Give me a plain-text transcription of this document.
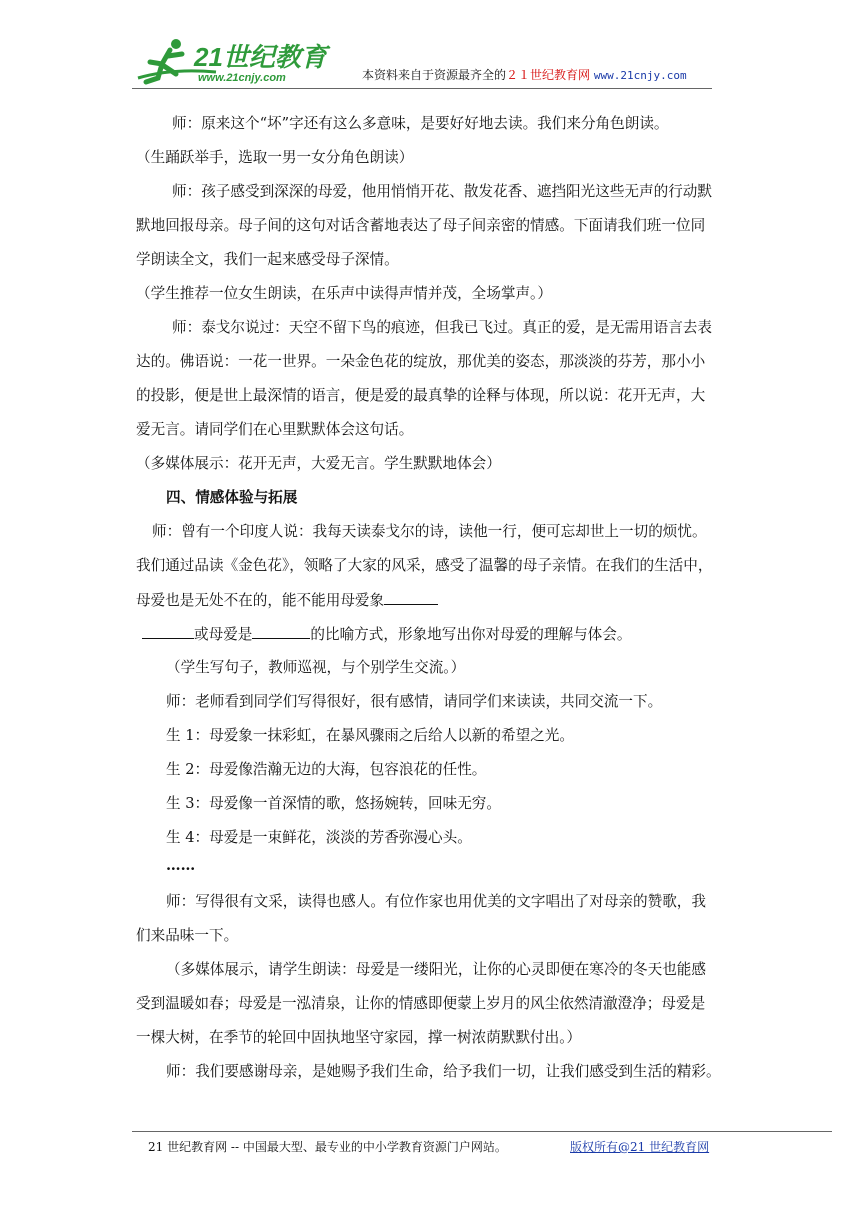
21世纪教育
www.21cnjy.com	本资料来自于资源最齐全的２１世纪教育网 www.21cnjy.com
师：原来这个“坏”字还有这么多意味，是要好好地去读。我们来分角色朗读。
（生踊跃举手，选取一男一女分角色朗读）
师：孩子感受到深深的母爱，他用悄悄开花、散发花香、遮挡阳光这些无声的行动默
默地回报母亲。母子间的这句对话含蓄地表达了母子间亲密的情感。下面请我们班一位同
学朗读全文，我们一起来感受母子深情。
（学生推荐一位女生朗读，在乐声中读得声情并茂，全场掌声。）
师：泰戈尔说过：天空不留下鸟的痕迹，但我已飞过。真正的爱，是无需用语言去表
达的。佛语说：一花一世界。一朵金色花的绽放，那优美的姿态，那淡淡的芬芳，那小小
的投影，便是世上最深情的语言，便是爱的最真挚的诠释与体现，所以说：花开无声，大
爱无言。请同学们在心里默默体会这句话。
（多媒体展示：花开无声，大爱无言。学生默默地体会）
四、情感体验与拓展
师：曾有一个印度人说：我每天读泰戈尔的诗，读他一行，便可忘却世上一切的烦忧。
我们通过品读《金色花》，领略了大家的风采，感受了温馨的母子亲情。在我们的生活中，
母爱也是无处不在的，能不能用母爱象
或母爱是	的比喻方式，形象地写出你对母爱的理解与体会。
（学生写句子，教师巡视，与个别学生交流。）
师：老师看到同学们写得很好，很有感情，请同学们来读读，共同交流一下。
生 1：母爱象一抹彩虹，在暴风骤雨之后给人以新的希望之光。
生 2：母爱像浩瀚无边的大海，包容浪花的任性。
生 3：母爱像一首深情的歌，悠扬婉转，回味无穷。
生 4：母爱是一束鲜花，淡淡的芳香弥漫心头。
……
师：写得很有文采，读得也感人。有位作家也用优美的文字唱出了对母亲的赞歌，我
们来品味一下。
（多媒体展示，请学生朗读：母爱是一缕阳光，让你的心灵即便在寒冷的冬天也能感
受到温暖如春；母爱是一泓清泉，让你的情感即便蒙上岁月的风尘依然清澈澄净；母爱是
一棵大树，在季节的轮回中固执地坚守家园，撑一树浓荫默默付出。）
师：我们要感谢母亲，是她赐予我们生命，给予我们一切，让我们感受到生活的精彩。
21 世纪教育网 -- 中国最大型、最专业的中小学教育资源门户网站。	版权所有@21 世纪教育网
